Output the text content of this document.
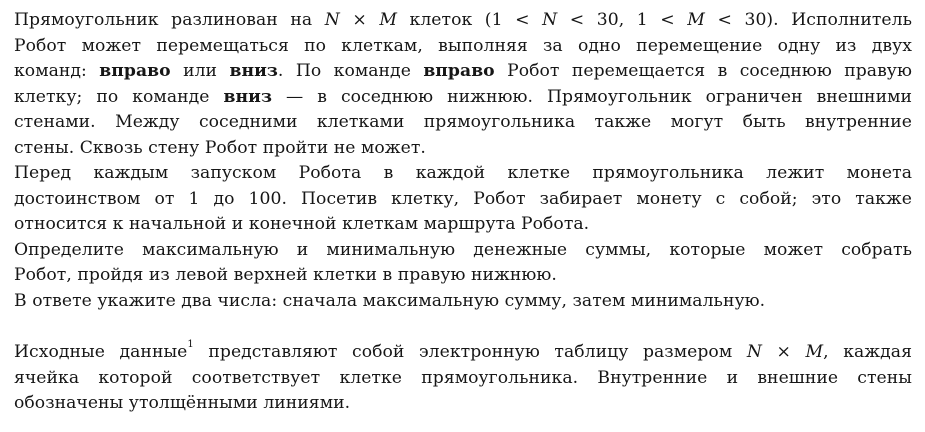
Прямоугольник разлинован на N × M клеток (1 < N < 30, 1 < M < 30). Исполнитель
Робот может перемещаться по клеткам, выполняя за одно перемещение одну из двух
команд: вправо или вниз. По команде вправо Робот перемещается в соседнюю правую
клетку; по команде вниз — в соседнюю нижнюю. Прямоугольник ограничен внешними
стенами. Между соседними клетками прямоугольника также могут быть внутренние
стены. Сквозь стену Робот пройти не может.
Перед каждым запуском Робота в каждой клетке прямоугольника лежит монета
достоинством от 1 до 100. Посетив клетку, Робот забирает монету с собой; это также
относится к начальной и конечной клеткам маршрута Робота.
Определите максимальную и минимальную денежные суммы, которые может собрать
Робот, пройдя из левой верхней клетки в правую нижнюю.
В ответе укажите два числа: сначала максимальную сумму, затем минимальную.
Исходные данные$^1$ представляют собой электронную таблицу размером N × M, каждая
ячейка которой соответствует клетке прямоугольника. Внутренние и внешние стены
обозначены утолщёнными линиями.
